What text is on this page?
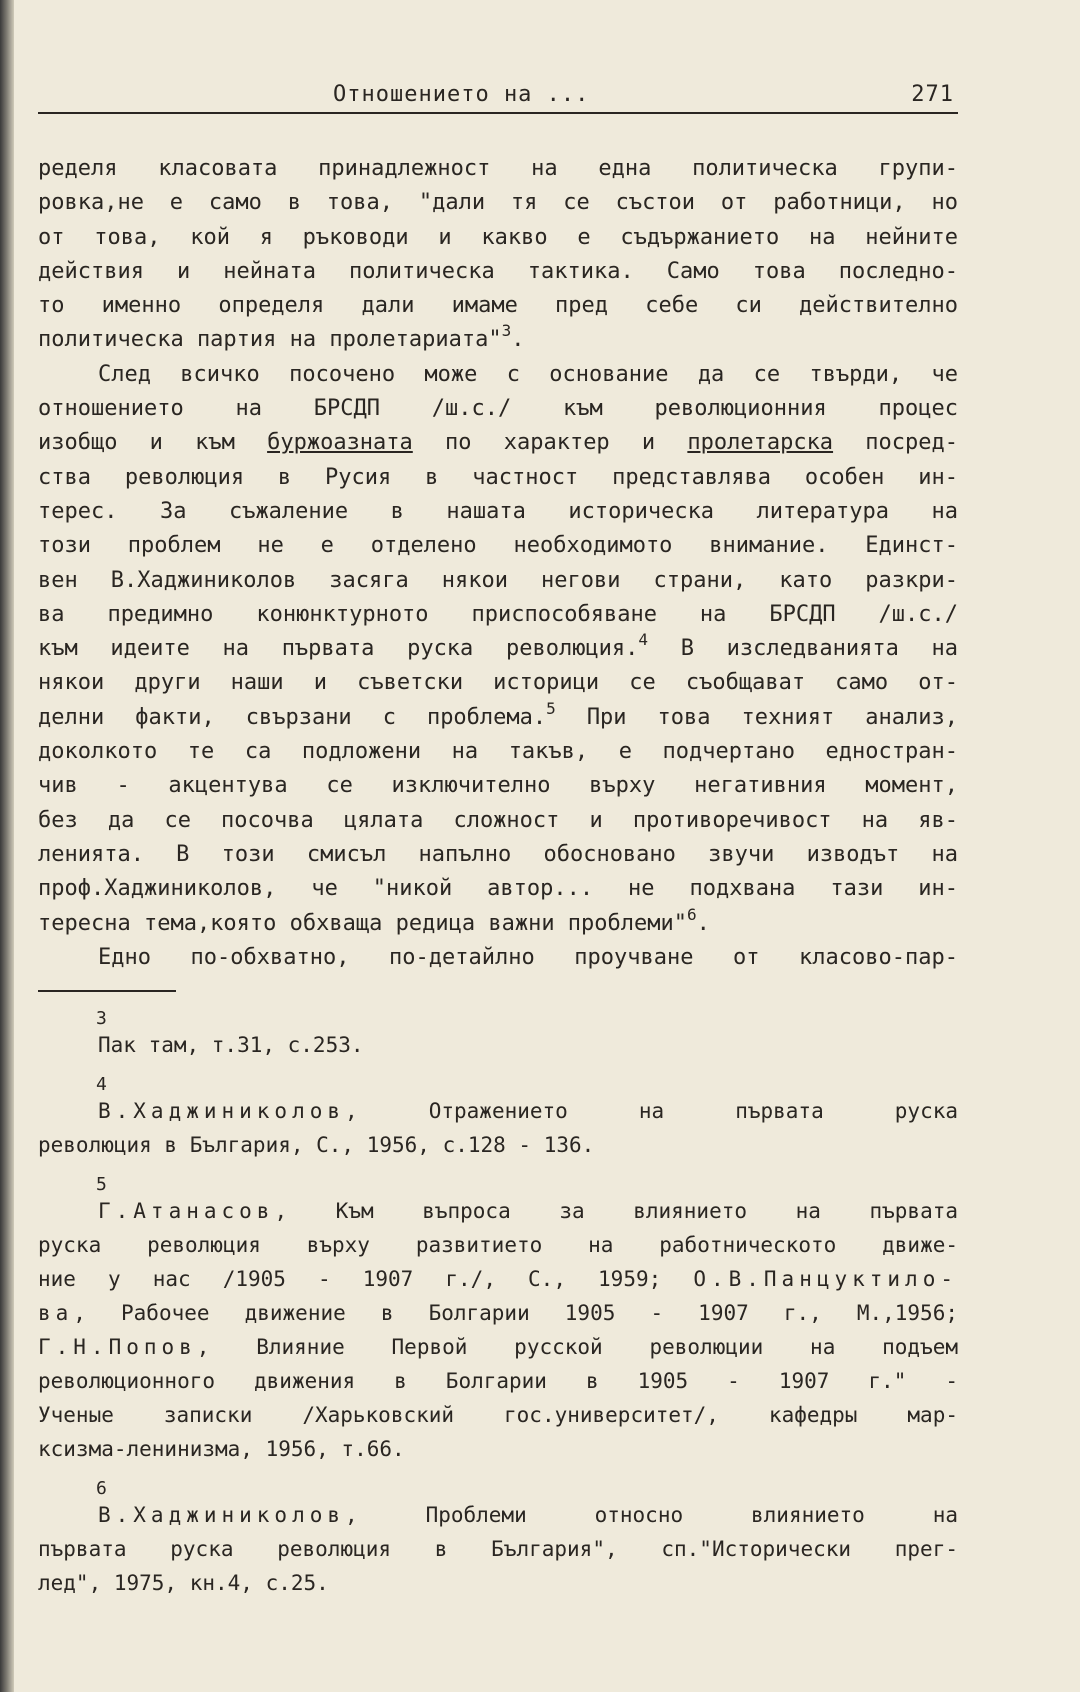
Отношението на ...	271
ределя класовата принадлежност на една политическа групи-
ровка,не е само в това, "дали тя се състои от работници, но
от това, кой я ръководи и какво е съдържанието на нейните
действия и нейната политическа тактика. Само това последно-
то именно определя дали имаме пред себе си действително
политическа партия на пролетариата"$^3$.
След всичко посочено може с основание да се твърди, че
отношението на БРСДП /ш.с./ към революционния процес
изобщо и към буржоазната по характер и пролетарска посред-
ства революция в Русия в частност представлява особен ин-
терес. За съжаление в нашата историческа литература на
този проблем не е отделено необходимото внимание. Единст-
вен В.Хаджиниколов засяга някои негови страни, като разкри-
ва предимно конюнктурното приспособяване на БРСДП /ш.с./
към идеите на първата руска революция.$^4$ В изследванията на
някои други наши и съветски историци се съобщават само от-
делни факти, свързани с проблема.$^5$ При това техният анализ,
доколкото те са подложени на такъв, е подчертано едностран-
чив - акцентува се изключително върху негативния момент,
без да се посочва цялата сложност и противоречивост на яв-
ленията. В този смисъл напълно обосновано звучи изводът на
проф.Хаджиниколов, че "никой автор... не подхвана тази ин-
тересна тема,която обхваща редица важни проблеми"$^6$.
Едно по-обхватно, по-детайлно проучване от класово-пар-
3
Пак там, т.31, с.253.
4
В.Хаджиниколов, Отражението на първата руска
революция в България, С., 1956, с.128 - 136.
5
Г.Атанасов, Към въпроса за влиянието на първата
руска революция върху развитието на работническото движе-
ние у нас /1905 - 1907 г./, С., 1959; О.В.Панцуктило-
ва, Рабочее движение в Болгарии 1905 - 1907 г., М.,1956;
Г.Н.Попов, Влияние Первой русской революции на подъем
революционного движения в Болгарии в 1905 - 1907 г." -
Ученые записки /Харьковский гос.университет/, кафедры мар-
ксизма-ленинизма, 1956, т.66.
6
В.Хаджиниколов, Проблеми относно влиянието на
първата руска революция в България", сп."Исторически прег-
лед", 1975, кн.4, с.25.
